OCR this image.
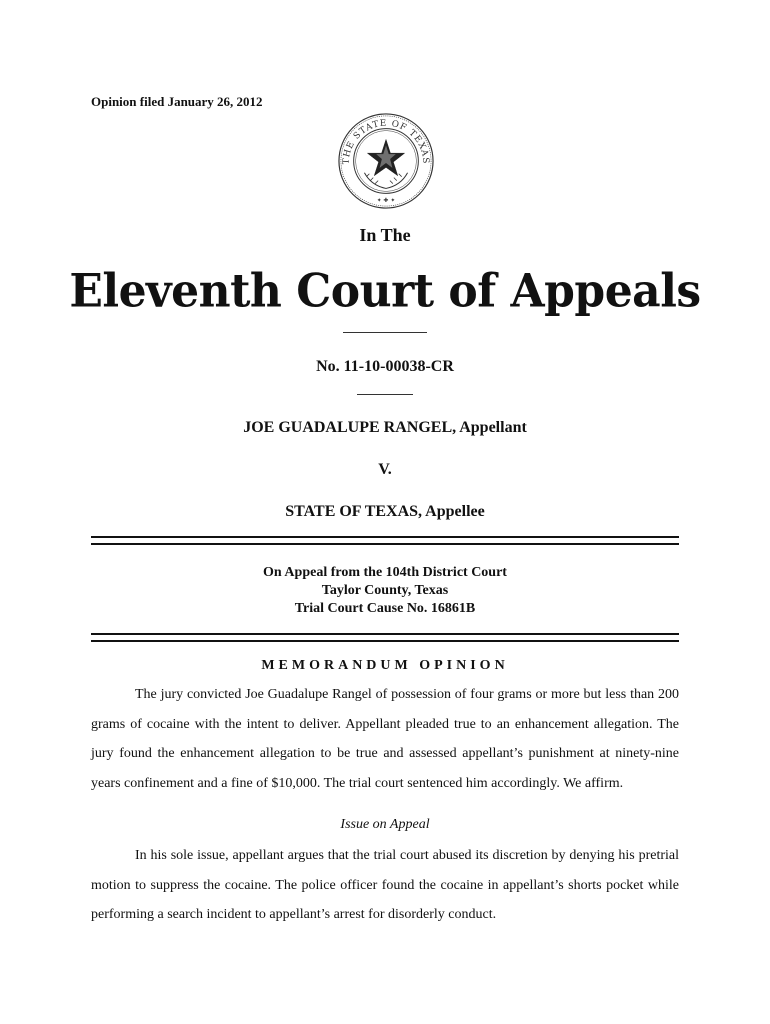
Opinion filed January 26, 2012
THE STATE OF TEXAS
✦ ✚ ✦
In The
Eleventh Court of Appeals
No. 11-10-00038-CR
JOE GUADALUPE RANGEL, Appellant
V.
STATE OF TEXAS, Appellee
On Appeal from the 104th District Court
Taylor County, Texas
Trial Court Cause No. 16861B
MEMORANDUM OPINION
The jury convicted Joe Guadalupe Rangel of possession of four grams or more but less than 200 grams of cocaine with the intent to deliver. Appellant pleaded true to an enhancement allegation. The jury found the enhancement allegation to be true and assessed appellant’s punishment at ninety-nine years confinement and a fine of $10,000. The trial court sentenced him accordingly. We affirm.
Issue on Appeal
In his sole issue, appellant argues that the trial court abused its discretion by denying his pretrial motion to suppress the cocaine. The police officer found the cocaine in appellant’s shorts pocket while performing a search incident to appellant’s arrest for disorderly conduct.
